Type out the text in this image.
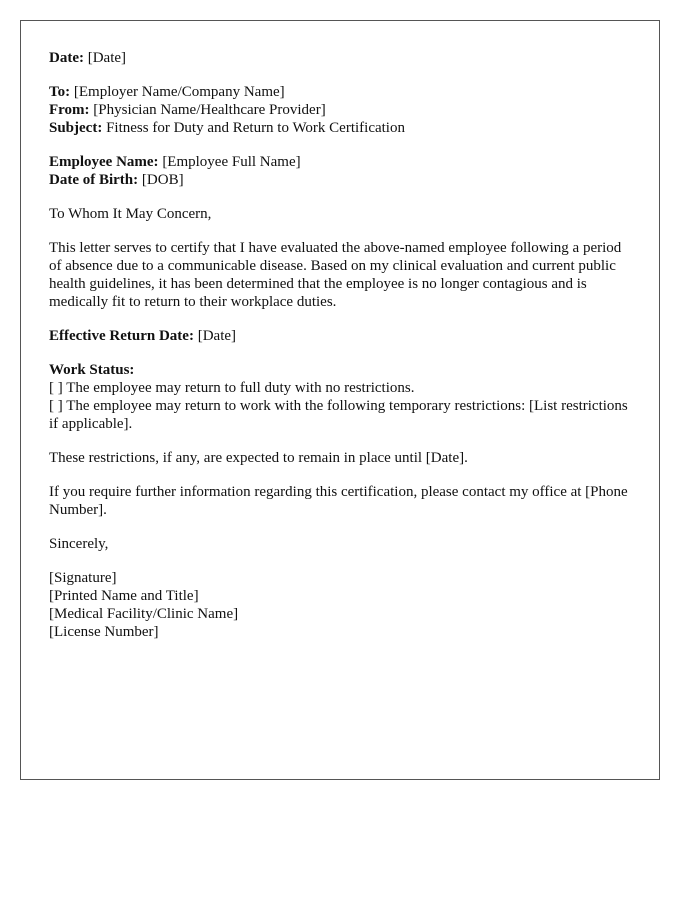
Date: [Date]
To: [Employer Name/Company Name]
From: [Physician Name/Healthcare Provider]
Subject: Fitness for Duty and Return to Work Certification
Employee Name: [Employee Full Name]
Date of Birth: [DOB]
To Whom It May Concern,
This letter serves to certify that I have evaluated the above-named employee following a period of absence due to a communicable disease. Based on my clinical evaluation and current public health guidelines, it has been determined that the employee is no longer contagious and is medically fit to return to their workplace duties.
Effective Return Date: [Date]
Work Status:
[ ] The employee may return to full duty with no restrictions.
[ ] The employee may return to work with the following temporary restrictions: [List restrictions if applicable].
These restrictions, if any, are expected to remain in place until [Date].
If you require further information regarding this certification, please contact my office at [Phone Number].
Sincerely,
[Signature]
[Printed Name and Title]
[Medical Facility/Clinic Name]
[License Number]
